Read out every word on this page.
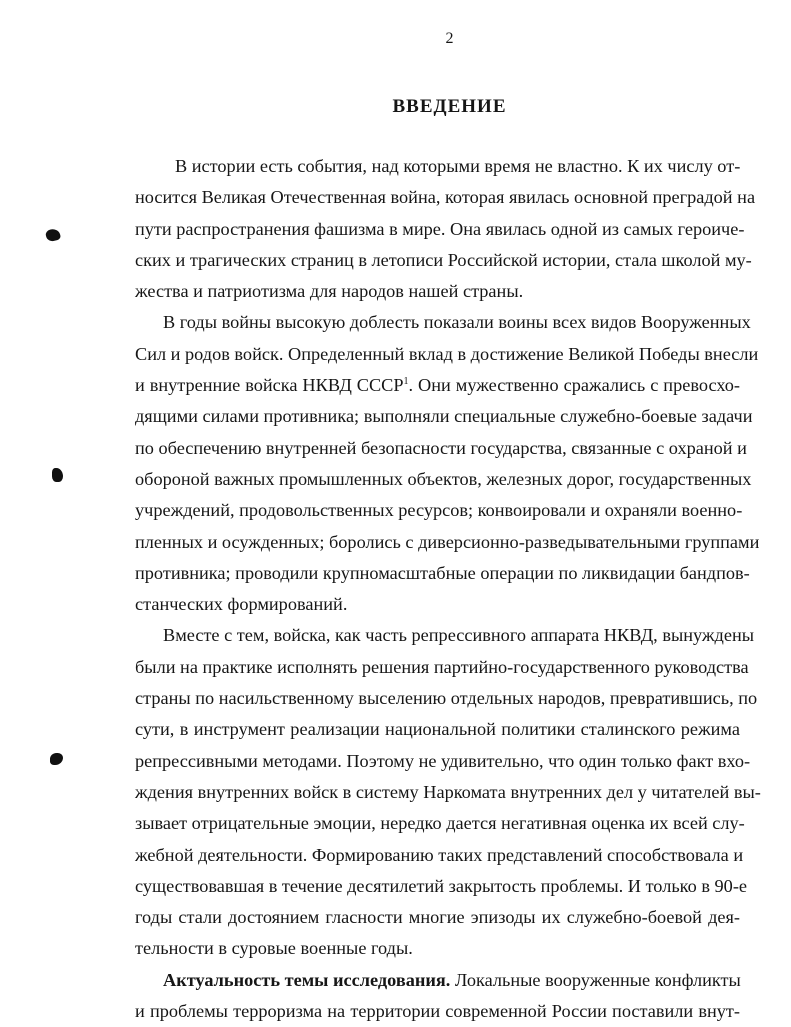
2
ВВЕДЕНИЕ
В истории есть события, над которыми время не властно. К их числу от-
носится Великая Отечественная война, которая явилась основной преградой на
пути распространения фашизма в мире. Она явилась одной из самых героиче-
ских и трагических страниц в летописи Российской истории, стала школой му-
жества и патриотизма для народов нашей страны.
В годы войны высокую доблесть показали воины всех видов Вооруженных
Сил и родов войск. Определенный вклад в достижение Великой Победы внесли
и внутренние войска НКВД СССР$^1$. Они мужественно сражались с превосхо-
дящими силами противника; выполняли специальные служебно-боевые задачи
по обеспечению внутренней безопасности государства, связанные с охраной и
обороной важных промышленных объектов, железных дорог, государственных
учреждений, продовольственных ресурсов; конвоировали и охраняли военно-
пленных и осужденных; боролись с диверсионно-разведывательными группами
противника; проводили крупномасштабные операции по ликвидации бандпов-
станческих формирований.
Вместе с тем, войска, как часть репрессивного аппарата НКВД, вынуждены
были на практике исполнять решения партийно-государственного руководства
страны по насильственному выселению отдельных народов, превратившись, по
сути, в инструмент реализации национальной политики сталинского режима
репрессивными методами. Поэтому не удивительно, что один только факт вхо-
ждения внутренних войск в систему Наркомата внутренних дел у читателей вы-
зывает отрицательные эмоции, нередко дается негативная оценка их всей слу-
жебной деятельности. Формированию таких представлений способствовала и
существовавшая в течение десятилетий закрытость проблемы. И только в 90-е
годы стали достоянием гласности многие эпизоды их служебно-боевой дея-
тельности в суровые военные годы.
Актуальность темы исследования. Локальные вооруженные конфликты
и проблемы терроризма на территории современной России поставили внут-
